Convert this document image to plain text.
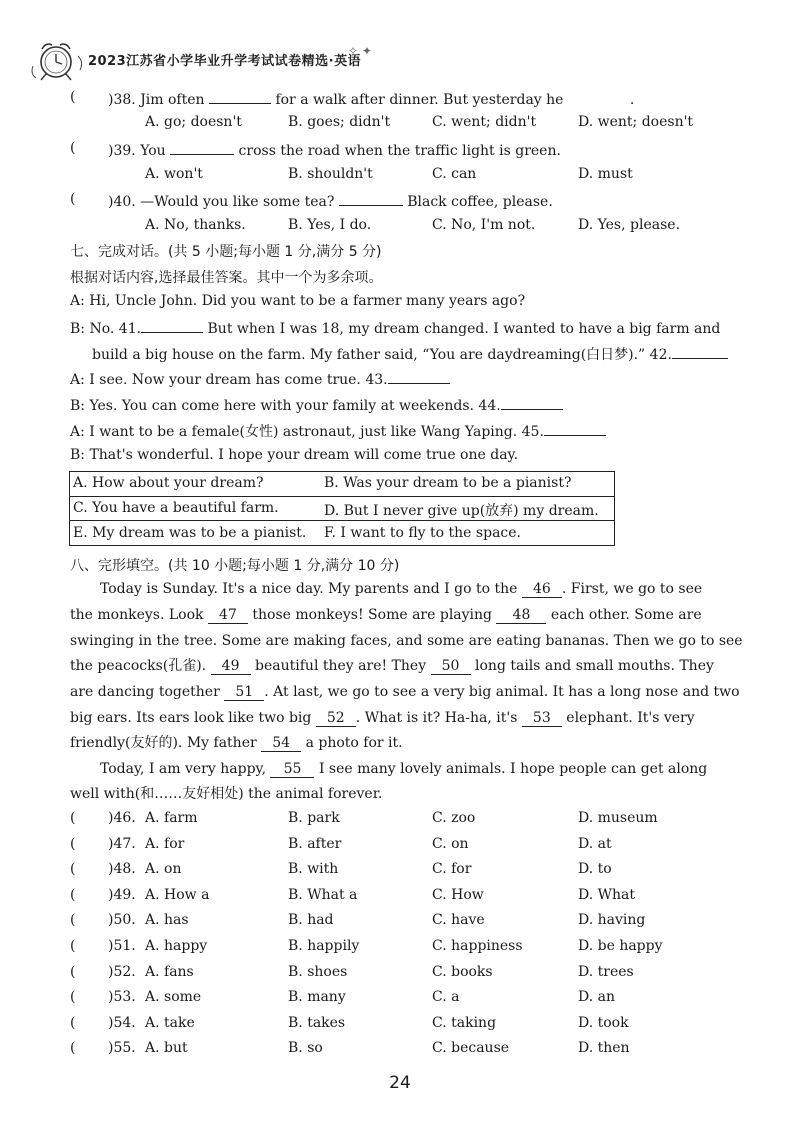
2023江苏省小学毕业升学考试试卷精选·英语
✧ ✦
( )38. Jim often	for a walk after dinner. But yesterday he	.
A. go; doesn't	B. goes; didn't	C. went; didn't	D. went; doesn't
( )39. You	cross the road when the traffic light is green.
A. won't	B. shouldn't	C. can	D. must
( )40. —Would you like some tea?	Black coffee, please.
A. No, thanks.	B. Yes, I do.	C. No, I'm not.	D. Yes, please.
七、完成对话。(共 5 小题;每小题 1 分,满分 5 分)
根据对话内容,选择最佳答案。其中一个为多余项。
A: Hi, Uncle John. Did you want to be a farmer many years ago?
B: No. 41.	But when I was 18, my dream changed. I wanted to have a big farm and
build a big house on the farm. My father said, “You are daydreaming(白日梦).” 42.
A: I see. Now your dream has come true. 43.
B: Yes. You can come here with your family at weekends. 44.
A: I want to be a female(女性) astronaut, just like Wang Yaping. 45.
B: That's wonderful. I hope your dream will come true one day.
A. How about your dream?	B. Was your dream to be a pianist?
C. You have a beautiful farm.	D. But I never give up(放弃) my dream.
E. My dream was to be a pianist. F. I want to fly to the space.
八、完形填空。(共 10 小题;每小题 1 分,满分 10 分)
Today is Sunday. It's a nice day. My parents and I go to the 46 . First, we go to see
the monkeys. Look 47 those monkeys! Some are playing 48 each other. Some are
swinging in the tree. Some are making faces, and some are eating bananas. Then we go to see
the peacocks(孔雀). 49 beautiful they are! They 50 long tails and small mouths. They
are dancing together 51 . At last, we go to see a very big animal. It has a long nose and two
big ears. Its ears look like two big 52 . What is it? Ha-ha, it's 53 elephant. It's very
friendly(友好的). My father 54 a photo for it.
Today, I am very happy, 55 I see many lovely animals. I hope people can get along
well with(和……友好相处) the animal forever.
( )46. A. farm	B. park	C. zoo	D. museum
( )47. A. for	B. after	C. on	D. at
( )48. A. on	B. with	C. for	D. to
( )49. A. How a	B. What a	C. How	D. What
( )50. A. has	B. had	C. have	D. having
( )51. A. happy	B. happily	C. happiness	D. be happy
( )52. A. fans	B. shoes	C. books	D. trees
( )53. A. some	B. many	C. a	D. an
( )54. A. take	B. takes	C. taking	D. took
( )55. A. but	B. so	C. because	D. then
24
